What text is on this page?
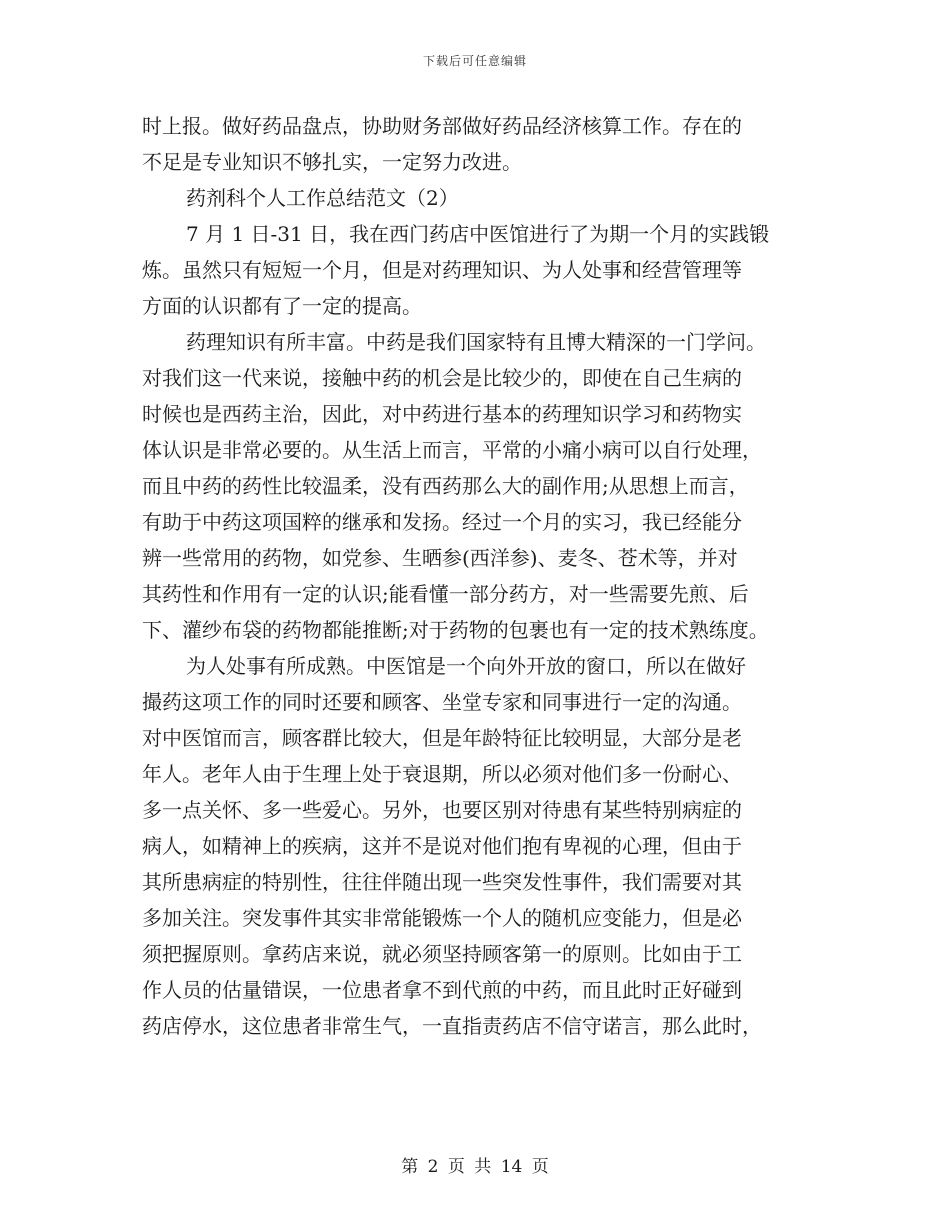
下载后可任意编辑
时上报。做好药品盘点，协助财务部做好药品经济核算工作。存在的
不足是专业知识不够扎实，一定努力改进。
药剂科个人工作总结范文（2）
7 月 1 日-31 日，我在西门药店中医馆进行了为期一个月的实践锻
炼。虽然只有短短一个月，但是对药理知识、为人处事和经营管理等
方面的认识都有了一定的提高。
药理知识有所丰富。中药是我们国家特有且博大精深的一门学问。
对我们这一代来说，接触中药的机会是比较少的，即使在自己生病的
时候也是西药主治，因此，对中药进行基本的药理知识学习和药物实
体认识是非常必要的。从生活上而言，平常的小痛小病可以自行处理，
而且中药的药性比较温柔，没有西药那么大的副作用;从思想上而言，
有助于中药这项国粹的继承和发扬。经过一个月的实习，我已经能分
辨一些常用的药物，如党参、生晒参(西洋参)、麦冬、苍术等，并对
其药性和作用有一定的认识;能看懂一部分药方，对一些需要先煎、后
下、灌纱布袋的药物都能推断;对于药物的包裹也有一定的技术熟练度。
为人处事有所成熟。中医馆是一个向外开放的窗口，所以在做好
撮药这项工作的同时还要和顾客、坐堂专家和同事进行一定的沟通。
对中医馆而言，顾客群比较大，但是年龄特征比较明显，大部分是老
年人。老年人由于生理上处于衰退期，所以必须对他们多一份耐心、
多一点关怀、多一些爱心。另外，也要区别对待患有某些特别病症的
病人，如精神上的疾病，这并不是说对他们抱有卑视的心理，但由于
其所患病症的特别性，往往伴随出现一些突发性事件，我们需要对其
多加关注。突发事件其实非常能锻炼一个人的随机应变能力，但是必
须把握原则。拿药店来说，就必须坚持顾客第一的原则。比如由于工
作人员的估量错误，一位患者拿不到代煎的中药，而且此时正好碰到
药店停水，这位患者非常生气，一直指责药店不信守诺言，那么此时，
第 2 页 共 14 页
